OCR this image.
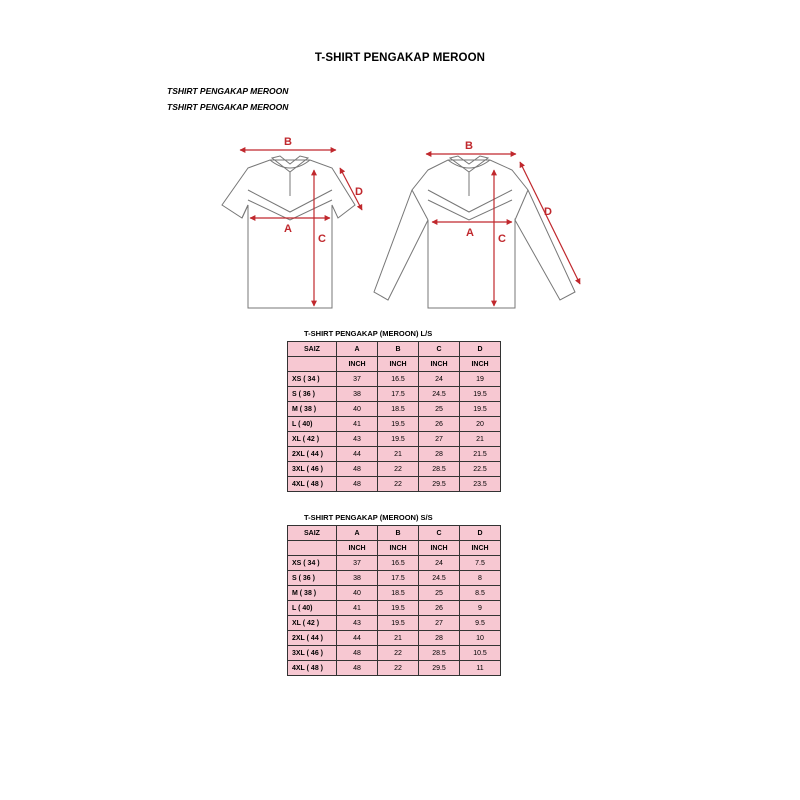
T-SHIRT PENGAKAP MEROON
TSHIRT PENGAKAP MEROON
TSHIRT PENGAKAP MEROON
B
A
C
D
B
A C
D
T-SHIRT PENGAKAP (MEROON) L/S
SAIZ	A	B	C	D
	INCH	INCH	INCH	INCH
XS ( 34 )	37	16.5	24	19
S ( 36 )	38	17.5	24.5	19.5
M ( 38 )	40	18.5	25	19.5
L ( 40)	41	19.5	26	20
XL ( 42 )	43	19.5	27	21
2XL ( 44 )	44	21	28	21.5
3XL ( 46 )	48	22	28.5	22.5
4XL ( 48 )	48	22	29.5	23.5
T-SHIRT PENGAKAP (MEROON) S/S
SAIZ	A	B	C	D
	INCH	INCH	INCH	INCH
XS ( 34 )	37	16.5	24	7.5
S ( 36 )	38	17.5	24.5	8
M ( 38 )	40	18.5	25	8.5
L ( 40)	41	19.5	26	9
XL ( 42 )	43	19.5	27	9.5
2XL ( 44 )	44	21	28	10
3XL ( 46 )	48	22	28.5	10.5
4XL ( 48 )	48	22	29.5	11
